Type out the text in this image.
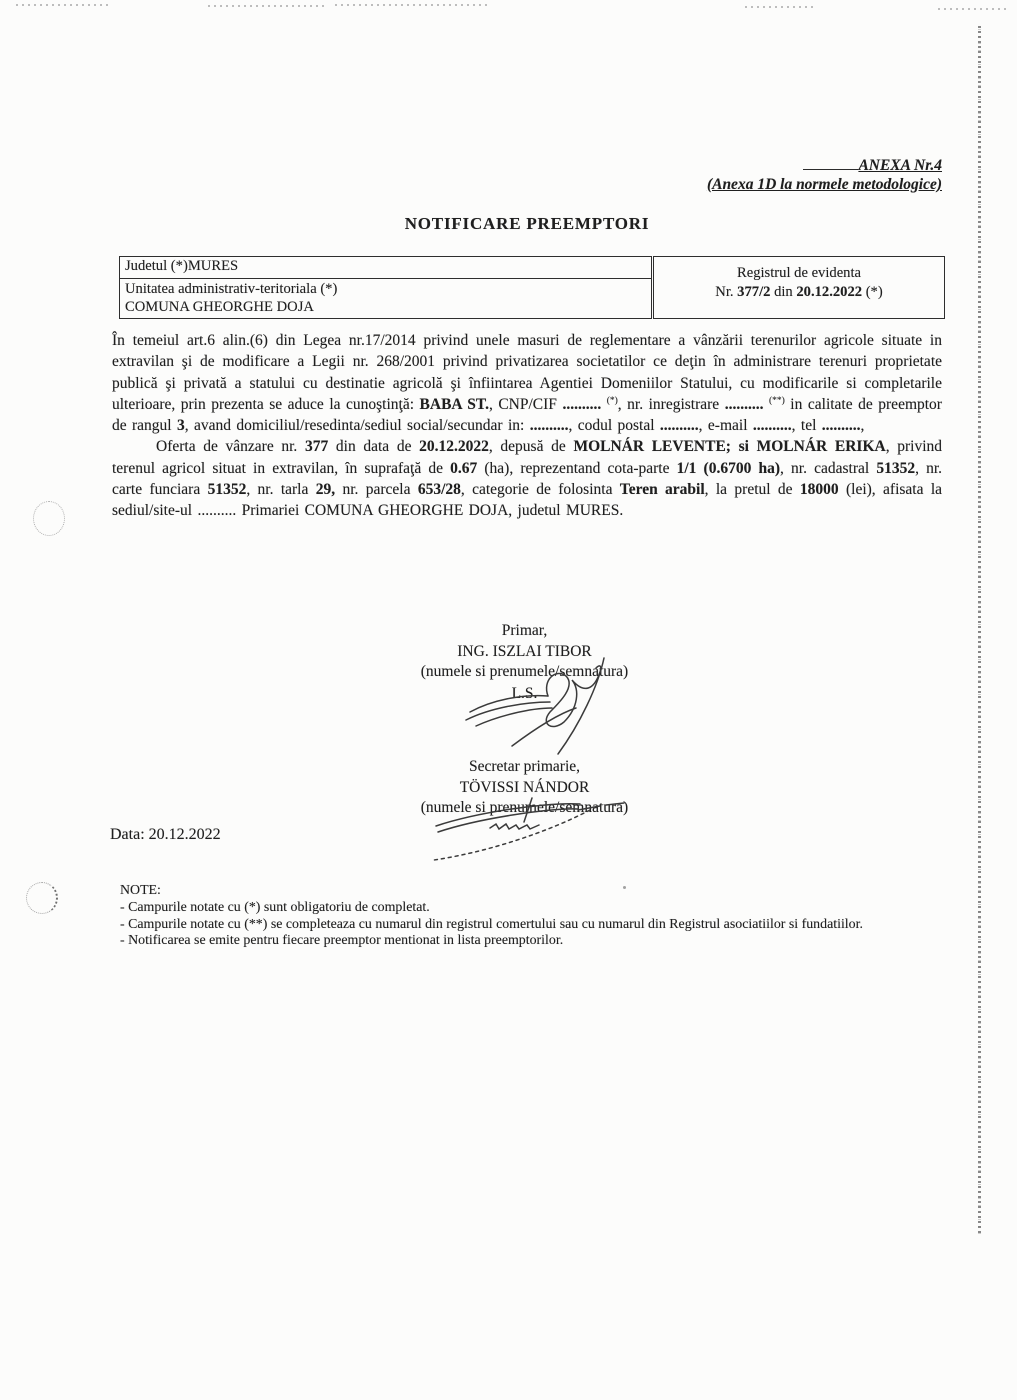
ANEXA Nr.4
(Anexa 1D la normele metodologice)
NOTIFICARE PREEMPTORI
Judetul (*)MURES
Unitatea administrativ-teritoriala (*)
COMUNA GHEORGHE DOJA
Registrul de evidenta
Nr. 377/2 din 20.12.2022 (*)
În temeiul art.6 alin.(6) din Legea nr.17/2014 privind unele masuri de reglementare a vânzării terenurilor agricole situate in extravilan şi de modificare a Legii nr. 268/2001 privind privatizarea societatilor ce deţin în administrare terenuri proprietate publică şi privată a statului cu destinatie agricolă şi înfiintarea Agentiei Domeniilor Statului, cu modificarile si completarile ulterioare, prin prezenta se aduce la cunoştinţă: BABA ST., CNP/CIF .......... (*), nr. inregistrare .......... (**) in calitate de preemptor de rangul 3, avand domiciliul/resedinta/sediul social/secundar in: .........., codul postal .........., e-mail .........., tel ..........,
Oferta de vânzare nr. 377 din data de 20.12.2022, depusă de MOLNÁR LEVENTE; si MOLNÁR ERIKA, privind terenul agricol situat in extravilan, în suprafaţă de 0.67 (ha), reprezentand cota-parte 1/1 (0.6700 ha), nr. cadastral 51352, nr. carte funciara 51352, nr. tarla 29, nr. parcela 653/28, categorie de folosinta Teren arabil, la pretul de 18000 (lei), afisata la sediul/site-ul .......... Primariei COMUNA GHEORGHE DOJA, judetul MURES.
Primar,
ING. ISZLAI TIBOR
(numele si prenumele/semnatura)
L.S.
Secretar primarie,
TÖVISSI NÁNDOR
(numele si prenumele/semnatura)
Data: 20.12.2022
NOTE:
- Campurile notate cu (*) sunt obligatoriu de completat.
- Campurile notate cu (**) se completeaza cu numarul din registrul comertului sau cu numarul din Registrul asociatiilor si fundatiilor.
- Notificarea se emite pentru fiecare preemptor mentionat in lista preemptorilor.
